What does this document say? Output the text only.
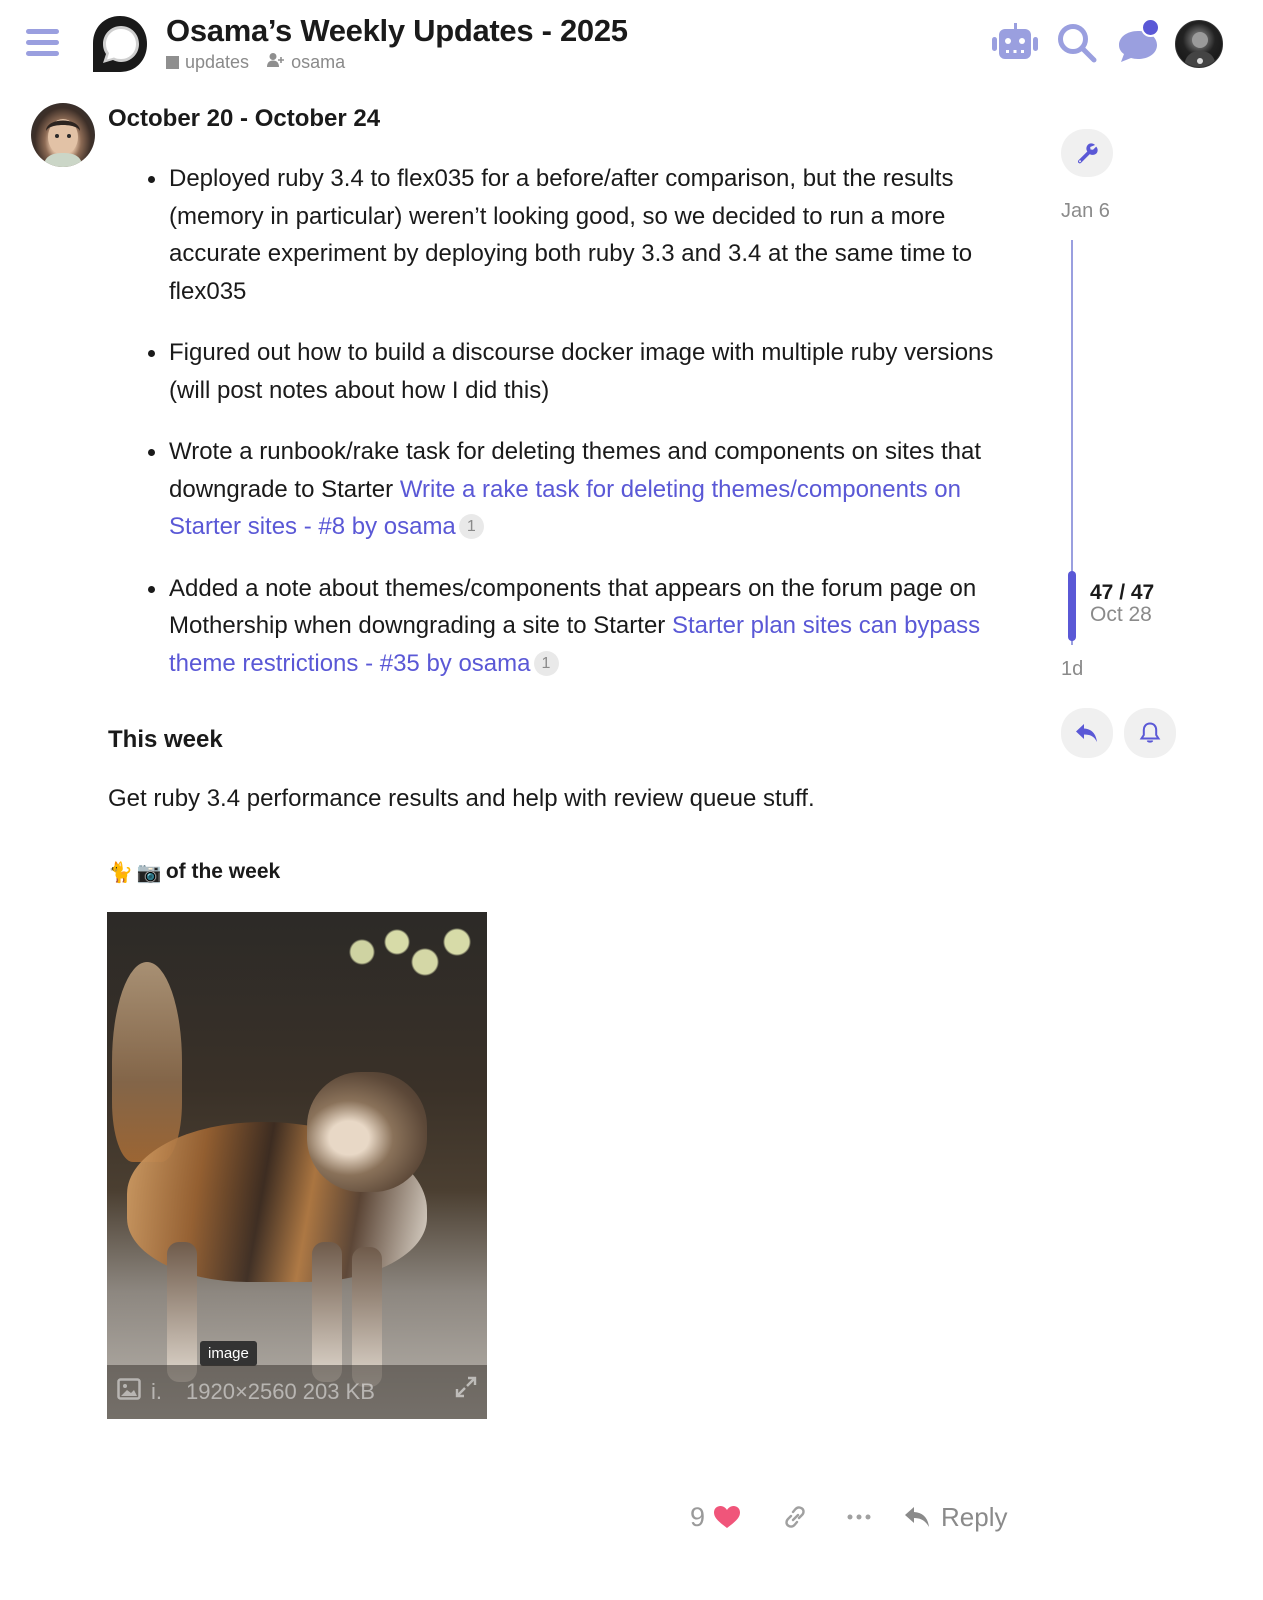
Osama’s Weekly Updates - 2025
updates osama
October 20 - October 24
Deployed ruby 3.4 to flex035 for a before/after comparison, but the results (memory in particular) weren’t looking good, so we decided to run a more accurate experiment by deploying both ruby 3.3 and 3.4 at the same time to flex035
Figured out how to build a discourse docker image with multiple ruby versions (will post notes about how I did this)
Wrote a runbook/rake task for deleting themes and components on sites that downgrade to Starter Write a rake task for deleting themes/components on Starter sites - #8 by osama 1
Added a note about themes/components that appears on the forum page on Mothership when downgrading a site to Starter Starter plan sites can bypass theme restrictions - #35 by osama 1
This week
Get ruby 3.4 performance results and help with review queue stuff.
🐈 📷 of the week
image
i. 1920×2560 203 KB
Jan 6
47 / 47
Oct 28
1d
9	Reply
